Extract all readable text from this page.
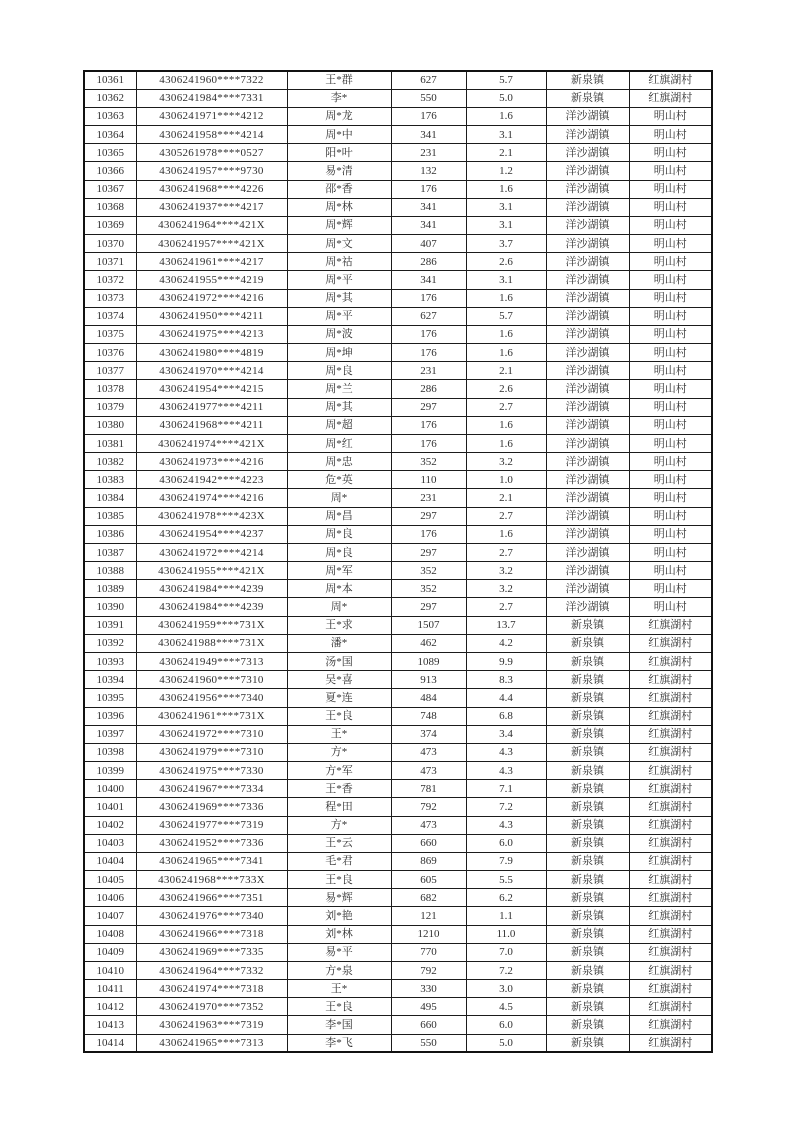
10361	4306241960****7322	王*群	627	5.7	新泉镇	红旗湖村
10362	4306241984****7331	李*	550	5.0	新泉镇	红旗湖村
10363	4306241971****4212	周*龙	176	1.6	洋沙湖镇	明山村
10364	4306241958****4214	周*中	341	3.1	洋沙湖镇	明山村
10365	4305261978****0527	阳*叶	231	2.1	洋沙湖镇	明山村
10366	4306241957****9730	易*清	132	1.2	洋沙湖镇	明山村
10367	4306241968****4226	邵*香	176	1.6	洋沙湖镇	明山村
10368	4306241937****4217	周*林	341	3.1	洋沙湖镇	明山村
10369	4306241964****421X	周*辉	341	3.1	洋沙湖镇	明山村
10370	4306241957****421X	周*文	407	3.7	洋沙湖镇	明山村
10371	4306241961****4217	周*祜	286	2.6	洋沙湖镇	明山村
10372	4306241955****4219	周*平	341	3.1	洋沙湖镇	明山村
10373	4306241972****4216	周*其	176	1.6	洋沙湖镇	明山村
10374	4306241950****4211	周*平	627	5.7	洋沙湖镇	明山村
10375	4306241975****4213	周*波	176	1.6	洋沙湖镇	明山村
10376	4306241980****4819	周*坤	176	1.6	洋沙湖镇	明山村
10377	4306241970****4214	周*良	231	2.1	洋沙湖镇	明山村
10378	4306241954****4215	周*兰	286	2.6	洋沙湖镇	明山村
10379	4306241977****4211	周*其	297	2.7	洋沙湖镇	明山村
10380	4306241968****4211	周*超	176	1.6	洋沙湖镇	明山村
10381	4306241974****421X	周*红	176	1.6	洋沙湖镇	明山村
10382	4306241973****4216	周*忠	352	3.2	洋沙湖镇	明山村
10383	4306241942****4223	危*英	110	1.0	洋沙湖镇	明山村
10384	4306241974****4216	周*	231	2.1	洋沙湖镇	明山村
10385	4306241978****423X	周*昌	297	2.7	洋沙湖镇	明山村
10386	4306241954****4237	周*良	176	1.6	洋沙湖镇	明山村
10387	4306241972****4214	周*良	297	2.7	洋沙湖镇	明山村
10388	4306241955****421X	周*军	352	3.2	洋沙湖镇	明山村
10389	4306241984****4239	周*本	352	3.2	洋沙湖镇	明山村
10390	4306241984****4239	周*	297	2.7	洋沙湖镇	明山村
10391	4306241959****731X	王*求	1507	13.7	新泉镇	红旗湖村
10392	4306241988****731X	潘*	462	4.2	新泉镇	红旗湖村
10393	4306241949****7313	汤*国	1089	9.9	新泉镇	红旗湖村
10394	4306241960****7310	吴*喜	913	8.3	新泉镇	红旗湖村
10395	4306241956****7340	夏*连	484	4.4	新泉镇	红旗湖村
10396	4306241961****731X	王*良	748	6.8	新泉镇	红旗湖村
10397	4306241972****7310	王*	374	3.4	新泉镇	红旗湖村
10398	4306241979****7310	方*	473	4.3	新泉镇	红旗湖村
10399	4306241975****7330	方*军	473	4.3	新泉镇	红旗湖村
10400	4306241967****7334	王*香	781	7.1	新泉镇	红旗湖村
10401	4306241969****7336	程*田	792	7.2	新泉镇	红旗湖村
10402	4306241977****7319	方*	473	4.3	新泉镇	红旗湖村
10403	4306241952****7336	王*云	660	6.0	新泉镇	红旗湖村
10404	4306241965****7341	毛*君	869	7.9	新泉镇	红旗湖村
10405	4306241968****733X	王*良	605	5.5	新泉镇	红旗湖村
10406	4306241966****7351	易*辉	682	6.2	新泉镇	红旗湖村
10407	4306241976****7340	刘*艳	121	1.1	新泉镇	红旗湖村
10408	4306241966****7318	刘*林	1210	11.0	新泉镇	红旗湖村
10409	4306241969****7335	易*平	770	7.0	新泉镇	红旗湖村
10410	4306241964****7332	方*泉	792	7.2	新泉镇	红旗湖村
10411	4306241974****7318	王*	330	3.0	新泉镇	红旗湖村
10412	4306241970****7352	王*良	495	4.5	新泉镇	红旗湖村
10413	4306241963****7319	李*国	660	6.0	新泉镇	红旗湖村
10414	4306241965****7313	李*飞	550	5.0	新泉镇	红旗湖村
